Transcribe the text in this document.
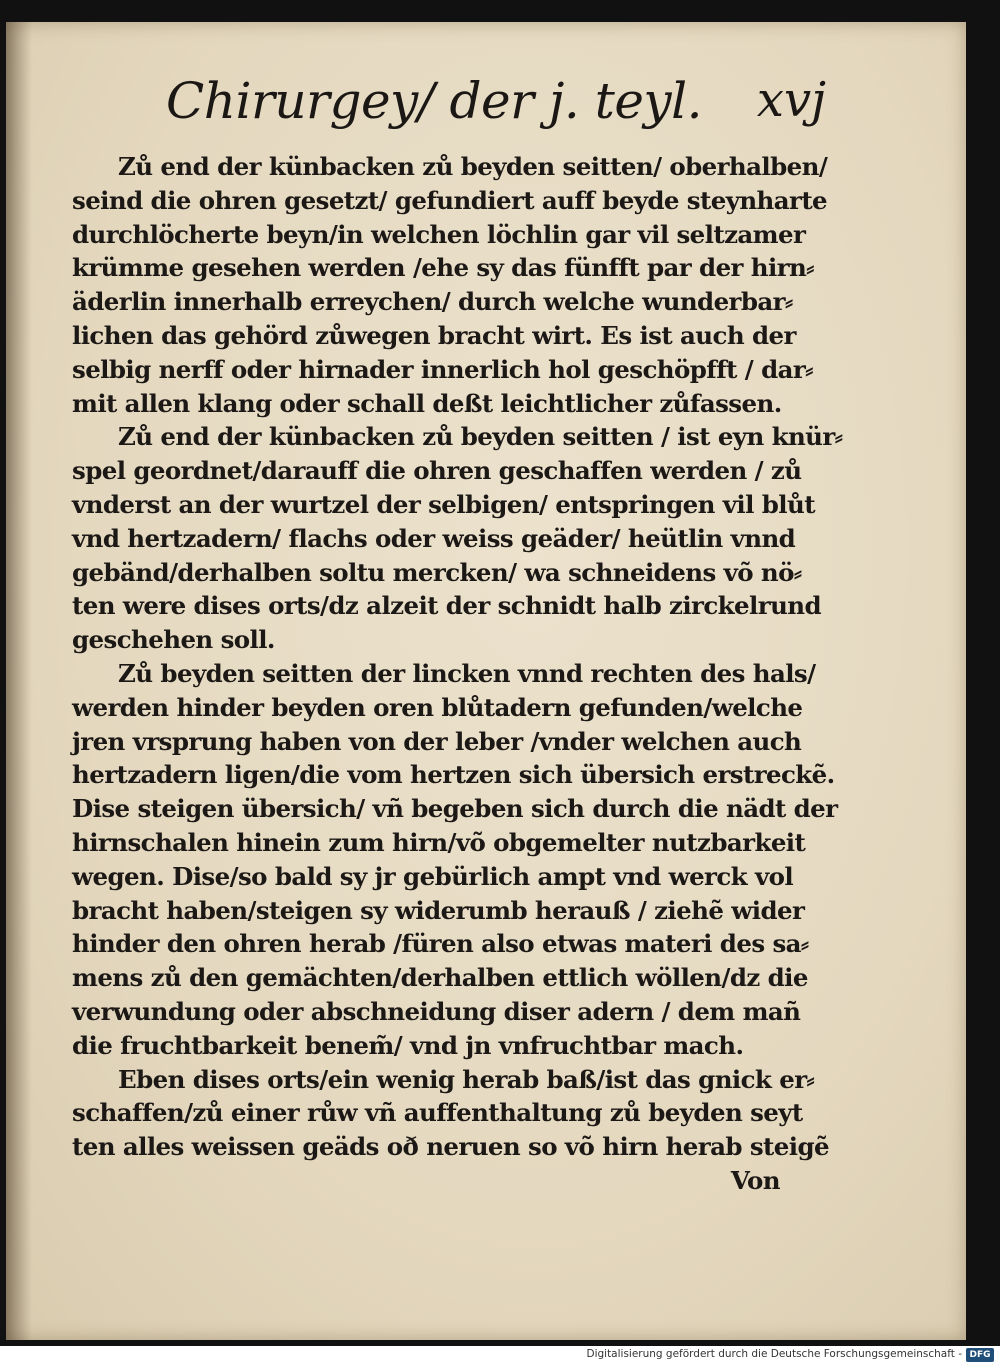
Chirurgey/ der j. teyl. xvj
Zů end der künbacken zů beyden seitten/ oberhalben/
seind die ohren gesetzt/ gefundiert auff beyde steynharte
durchlöcherte beyn/in welchen löchlin gar vil seltzamer
krümme gesehen werden /ehe sy das fünfft par der hirn⸗
äderlin innerhalb erreychen/ durch welche wunderbar⸗
lichen das gehörd zůwegen bracht wirt. Es ist auch der
selbig nerff oder hirnader innerlich hol geschöpfft / dar⸗
mit allen klang oder schall deßt leichtlicher zůfassen.
Zů end der künbacken zů beyden seitten / ist eyn knür⸗
spel geordnet/darauff die ohren geschaffen werden / zů
vnderst an der wurtzel der selbigen/ entspringen vil blůt
vnd hertzadern/ flachs oder weiss geäder/ heütlin vnnd
gebänd/derhalben soltu mercken/ wa schneidens võ nö⸗
ten were dises orts/dz alzeit der schnidt halb zirckelrund
geschehen soll.
Zů beyden seitten der lincken vnnd rechten des hals/
werden hinder beyden oren blůtadern gefunden/welche
jren vrsprung haben von der leber /vnder welchen auch
hertzadern ligen/die vom hertzen sich übersich erstreckẽ.
Dise steigen übersich/ vñ begeben sich durch die nädt der
hirnschalen hinein zum hirn/võ obgemelter nutzbarkeit
wegen. Dise/so bald sy jr gebürlich ampt vnd werck vol
bracht haben/steigen sy widerumb herauß / ziehẽ wider
hinder den ohren herab /füren also etwas materi des sa⸗
mens zů den gemächten/derhalben ettlich wöllen/dz die
verwundung oder abschneidung diser adern / dem mañ
die fruchtbarkeit benem̃/ vnd jn vnfruchtbar mach.
Eben dises orts/ein wenig herab baß/ist das gnick er⸗
schaffen/zů einer růw vñ auffenthaltung zů beyden seyt
ten alles weissen geäds oð neruen so võ hirn herab steigẽ
Von
Digitalisierung gefördert durch die Deutsche Forschungsgemeinschaft - DFG
